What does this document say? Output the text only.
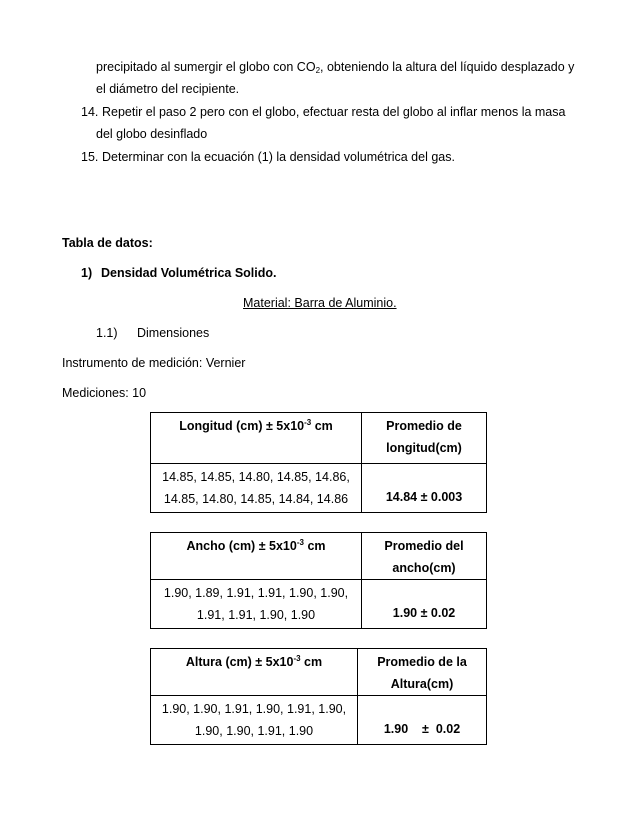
precipitado al sumergir el globo con $CO_2$, obteniendo la altura del líquido desplazado y
el diámetro del recipiente.
14. Repetir el paso 2 pero con el globo, efectuar resta del globo al inflar menos la masa
del globo desinflado
15. Determinar con la ecuación (1) la densidad volumétrica del gas.
Tabla de datos:
1) Densidad Volumétrica Solido.
Material: Barra de Aluminio.
1.1) Dimensiones
Instrumento de medición: Vernier
Mediciones: 10
Longitud $(cm) \pm 5x10^{-3}$ cm	Promedio de
longitud(cm)

14.85, 14.85, 14.80, 14.85, 14.86,
14.85, 14.80, 14.85, 14.84, 14.86	14.84 ± 0.003
Ancho $(cm) \pm 5x10^{-3}$ cm	Promedio del
ancho(cm)

1.90, 1.89, 1.91, 1.91, 1.90, 1.90,
1.91, 1.91, 1.90, 1.90	1.90 ± 0.02
Altura $(cm) \pm 5x10^{-3}$ cm	Promedio de la
Altura(cm)

1.90, 1.90, 1.91, 1.90, 1.91, 1.90,
1.90, 1.90, 1.91, 1.90	1.90    ±  0.02
